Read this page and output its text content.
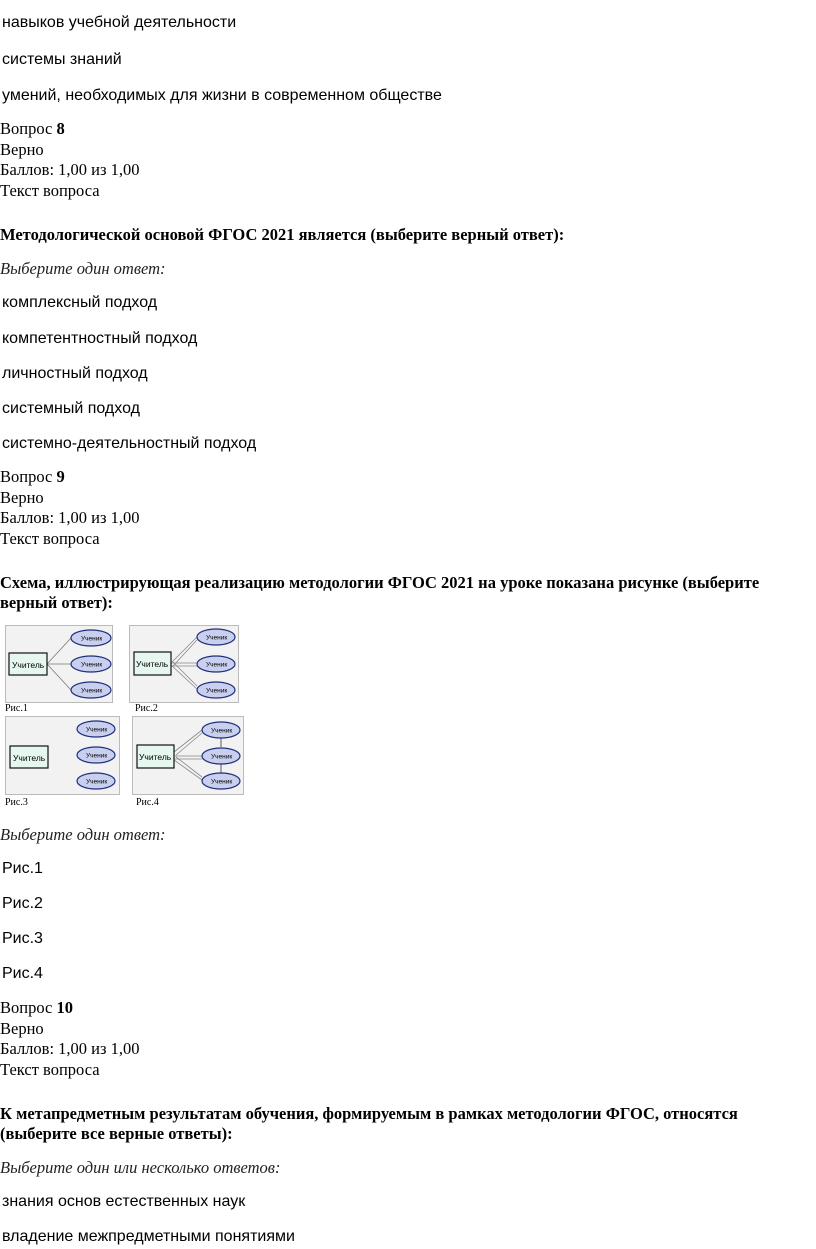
навыков учебной деятельности
системы знаний
умений, необходимых для жизни в современном обществе
Вопрос 8
Верно
Баллов: 1,00 из 1,00
Текст вопроса
Методологической основой ФГОС 2021 является (выберите верный ответ):
Выберите один ответ:
комплексный подход
компетентностный подход
личностный подход
системный подход
системно-деятельностный подход
Вопрос 9
Верно
Баллов: 1,00 из 1,00
Текст вопроса
Схема, иллюстрирующая реализацию методологии ФГОС 2021 на уроке показана рисунке (выберите верный ответ):
Учитель
Ученик
Ученик
Ученик
Рис.1
Учитель
Ученик
Ученик
Ученик
Рис.2
Учитель
Ученик
Ученик
Ученик
Рис.3
Учитель
Ученик
Ученик
Ученик
Рис.4
Выберите один ответ:
Рис.1
Рис.2
Рис.3
Рис.4
Вопрос 10
Верно
Баллов: 1,00 из 1,00
Текст вопроса
К метапредметным результатам обучения, формируемым в рамках методологии ФГОС, относятся (выберите все верные ответы):
Выберите один или несколько ответов:
знания основ естественных наук
владение межпредметными понятиями
